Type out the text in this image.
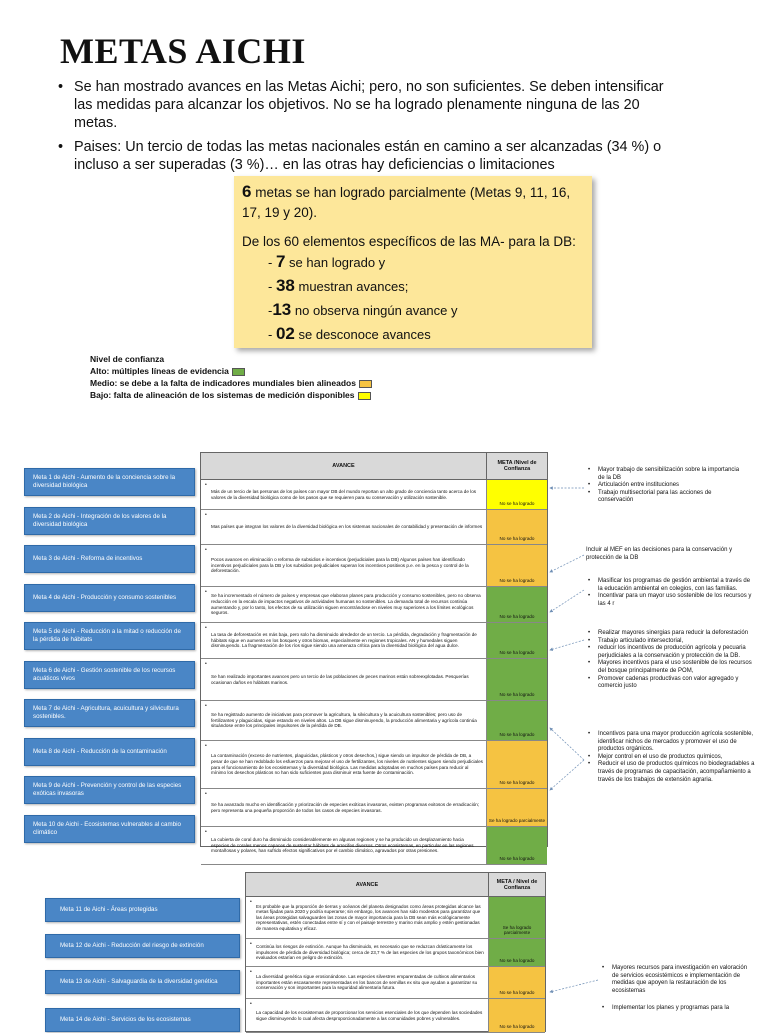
METAS AICHI
• Se han mostrado avances en las Metas Aichi; pero, no son suficientes. Se deben intensificar las medidas para alcanzar los objetivos. No se ha logrado plenamente ninguna de las 20 metas.
• Paises: Un tercio de todas las metas nacionales están en camino a ser alcanzadas (34 %) o incluso a ser superadas (3 %)… en las otras hay deficiencias o limitaciones
6 metas se han logrado parcialmente (Metas 9, 11, 16, 17, 19 y 20).
De los 60 elementos específicos de las MA- para la DB:
- 7 se han logrado y
- 38 muestran avances;
-13 no observa ningún avance y
- 02 se desconoce avances
Nivel de confianza
Alto: múltiples líneas de evidencia
Medio: se debe a la falta de indicadores mundiales bien alineados
Bajo: falta de alineación de los sistemas de medición disponibles
Meta 1 de Aichi - Aumento de la conciencia sobre la diversidad biológica
Meta 2 de Aichi - Integración de los valores de la diversidad biológica
Meta 3 de Aichi - Reforma de incentivos
Meta 4 de Aichi - Producción y consumo sostenibles
Meta 5 de Aichi - Reducción a la mitad o reducción de la pérdida de hábitats
Meta 6 de Aichi - Gestión sostenible de los recursos acuáticos vivos
Meta 7 de Aichi - Agricultura, acuicultura y silvicultura sostenibles.
Meta 8 de Aichi - Reducción de la contaminación
Meta 9 de Aichi - Prevención y control de las especies exóticas invasoras
Meta 10 de Aichi - Ecosistemas vulnerables al cambio climático
AVANCE	META /Nivel de Confianza
•
Más de un tercio de las personas de los países con mayor DB del mundo reportan un alto grado de conciencia tanto acerca de los valores de la diversidad biológica como de los pasos que se requieren para su conservación y utilización sostenible.
No se ha logrado
•
Mas países que integran los valores de la diversidad biológica en los sistemas nacionales de contabilidad y presentación de informes
No se ha logrado
•
Pocos avances en eliminación o reforma de subsidios e incentivos (perjudiciales para la DB) Algunos países han identificado incentivos perjudiciales para la DB y los subsidios perjudiciales superan los incentivos positivos p.e. en la pesca y control de la deforestación.
No se ha logrado
•
Se ha incrementado el número de países y empresas que elaboran planes para producción y consumo sostenibles, pero no observa reducción en la escala de impactos negativos de actividades humanas no sostenibles. La demanda total de recursos continúa aumentando y, por lo tanto, los efectos de su utilización siguen encontrándose en niveles muy superiores a los límites ecológicos seguros.
No se ha logrado
•
La tasa de deforestación es más baja, pero solo ha disminuido alrededor de un tercio. La pérdida, degradación y fragmentación de hábitats sigue en aumento en los bosques y otros biomas, especialmente en regiones tropicales. AN y humedales siguen disminuyendo. La fragmentación de los ríos sigue siendo una amenaza crítica para la diversidad biológica del agua dulce.
No se ha logrado
•
Se han realizado importantes avances pero un tercio de las poblaciones de peces marinos están sobreexplotadas. Pesquerías ocasionan daños en hábitats marinos.
No se ha logrado
•
Se ha registrado aumento de iniciativas para promover la agricultura, la silvicultura y la acuicultura sostenibles; pero uso de fertilizantes y plaguicidas, sigue estando en niveles altos. La DB sigue disminuyendo, la producción alimentaria y agrícola continúa situándose entre los principales impulsores de la pérdida de DB.
No se ha logrado
•
La contaminación (exceso de nutrientes, plaguicidas, plásticos y otros desechos,) sigue siendo un impulsor de pérdida de DB, a pesar de que se han redoblado los esfuerzos para mejorar el uso de fertilizantes, los niveles de nutrientes siguen siendo perjudiciales para el funcionamiento de los ecosistemas y la diversidad biológica. Las medidas adoptadas en muchos países para reducir al mínimo los desechos plásticos no han sido suficientes para disminuir esta fuente de contaminación.
No se ha logrado
•
Se ha avanzado mucho en identificación y priorización de especies exóticas invasoras, existen programas exitosos de erradicación; pero representa una pequeña proporción de todos los casos de especies invasoras.
Se ha logrado parcialmente
•
La cubierta de coral duro ha disminuido considerablemente en algunas regiones y se ha producido un desplazamiento hacia especies de corales menos capaces de sustentar hábitats de arrecifes diversos. Otros ecosistemas, en particular en las regiones montañosas y polares, han sufrido efectos significativos por el cambio climático, agravados por otras presiones.
No se ha logrado
• Mayor trabajo de sensibilización sobre la importancia de la DB
• Articulación entre instituciones
• Trabajo multisectorial para las acciones de conservación
Incluir al MEF en las decisiones para la conservación y protección de la DB
• Masificar los programas de gestión ambiental a través de la educación ambiental en colegios, con las familias.
• Incentivar para un mayor uso sostenible de los recursos y las 4 r
• Realizar mayores sinergias para reducir la deforestación
• Trabajo articulado intersectorial,
• reducir los incentivos de producción agrícola y pecuaria perjudiciales a la conservación y protección de la DB.
• Mayores incentivos para el uso sostenible de los recursos del bosque principalmente de POM,
• Promover cadenas productivas con valor agregado y comercio justo
• Incentivos para una mayor producción agrícola sostenible, identificar nichos de mercados y promover el uso de productos orgánicos.
• Mejor control en el uso de productos químicos,
• Reducir el uso de productos químicos no biodegradables a través de programas de capacitación, acompañamiento a través de los trabajos de extensión agraria.
Meta 11 de Aichi - Áreas protegidas
Meta 12 de Aichi - Reducción del riesgo de extinción
Meta 13 de Aichi - Salvaguardia de la diversidad genética
Meta 14 de Aichi - Servicios de los ecosistemas
AVANCE	META / Nivel de Confianza
•
Es probable que la proporción de tierras y océanos del planeta designados como áreas protegidas alcance las metas fijadas para 2020 y podría superarse; sin embargo, los avances han sido modestos para garantizar que las áreas protegidas salvaguarden las zonas de mayor importancia para la DB sean más ecológicamente representativas, estén conectadas entre sí y con el paisaje terrestre y marino más amplio y estén gestionadas de manera equitativa y eficaz.	Se ha logrado parcialmente
• Continúa los riesgos de extinción. Aunque ha disminuido, es necesario que se reduzcan drásticamente los impulsores de pérdida de diversidad biológica; cerca de 23,7 % de las especies de los grupos taxonómicos bien evaluados estarían en peligro de extinción.
No se ha logrado
•
La diversidad genética sigue erosionándose. Las especies silvestres emparentadas de cultivos alimentarios importantes están escasamente representadas en los bancos de semillas ex situ que ayudan a garantizar su conservación y son importantes para la seguridad alimentaria futura.
No se ha logrado
•
La capacidad de los ecosistemas de proporcionar los servicios esenciales de los que dependen las sociedades sigue disminuyendo lo cual afecta desproporcionadamente a las comunidades pobres y vulnerables.
No se ha logrado
• Mayores recursos para investigación en valoración de servicios ecosistémicos e implementación de medidas que apoyen la restauración de los ecosistemas
• Implementar los planes y programas para la
